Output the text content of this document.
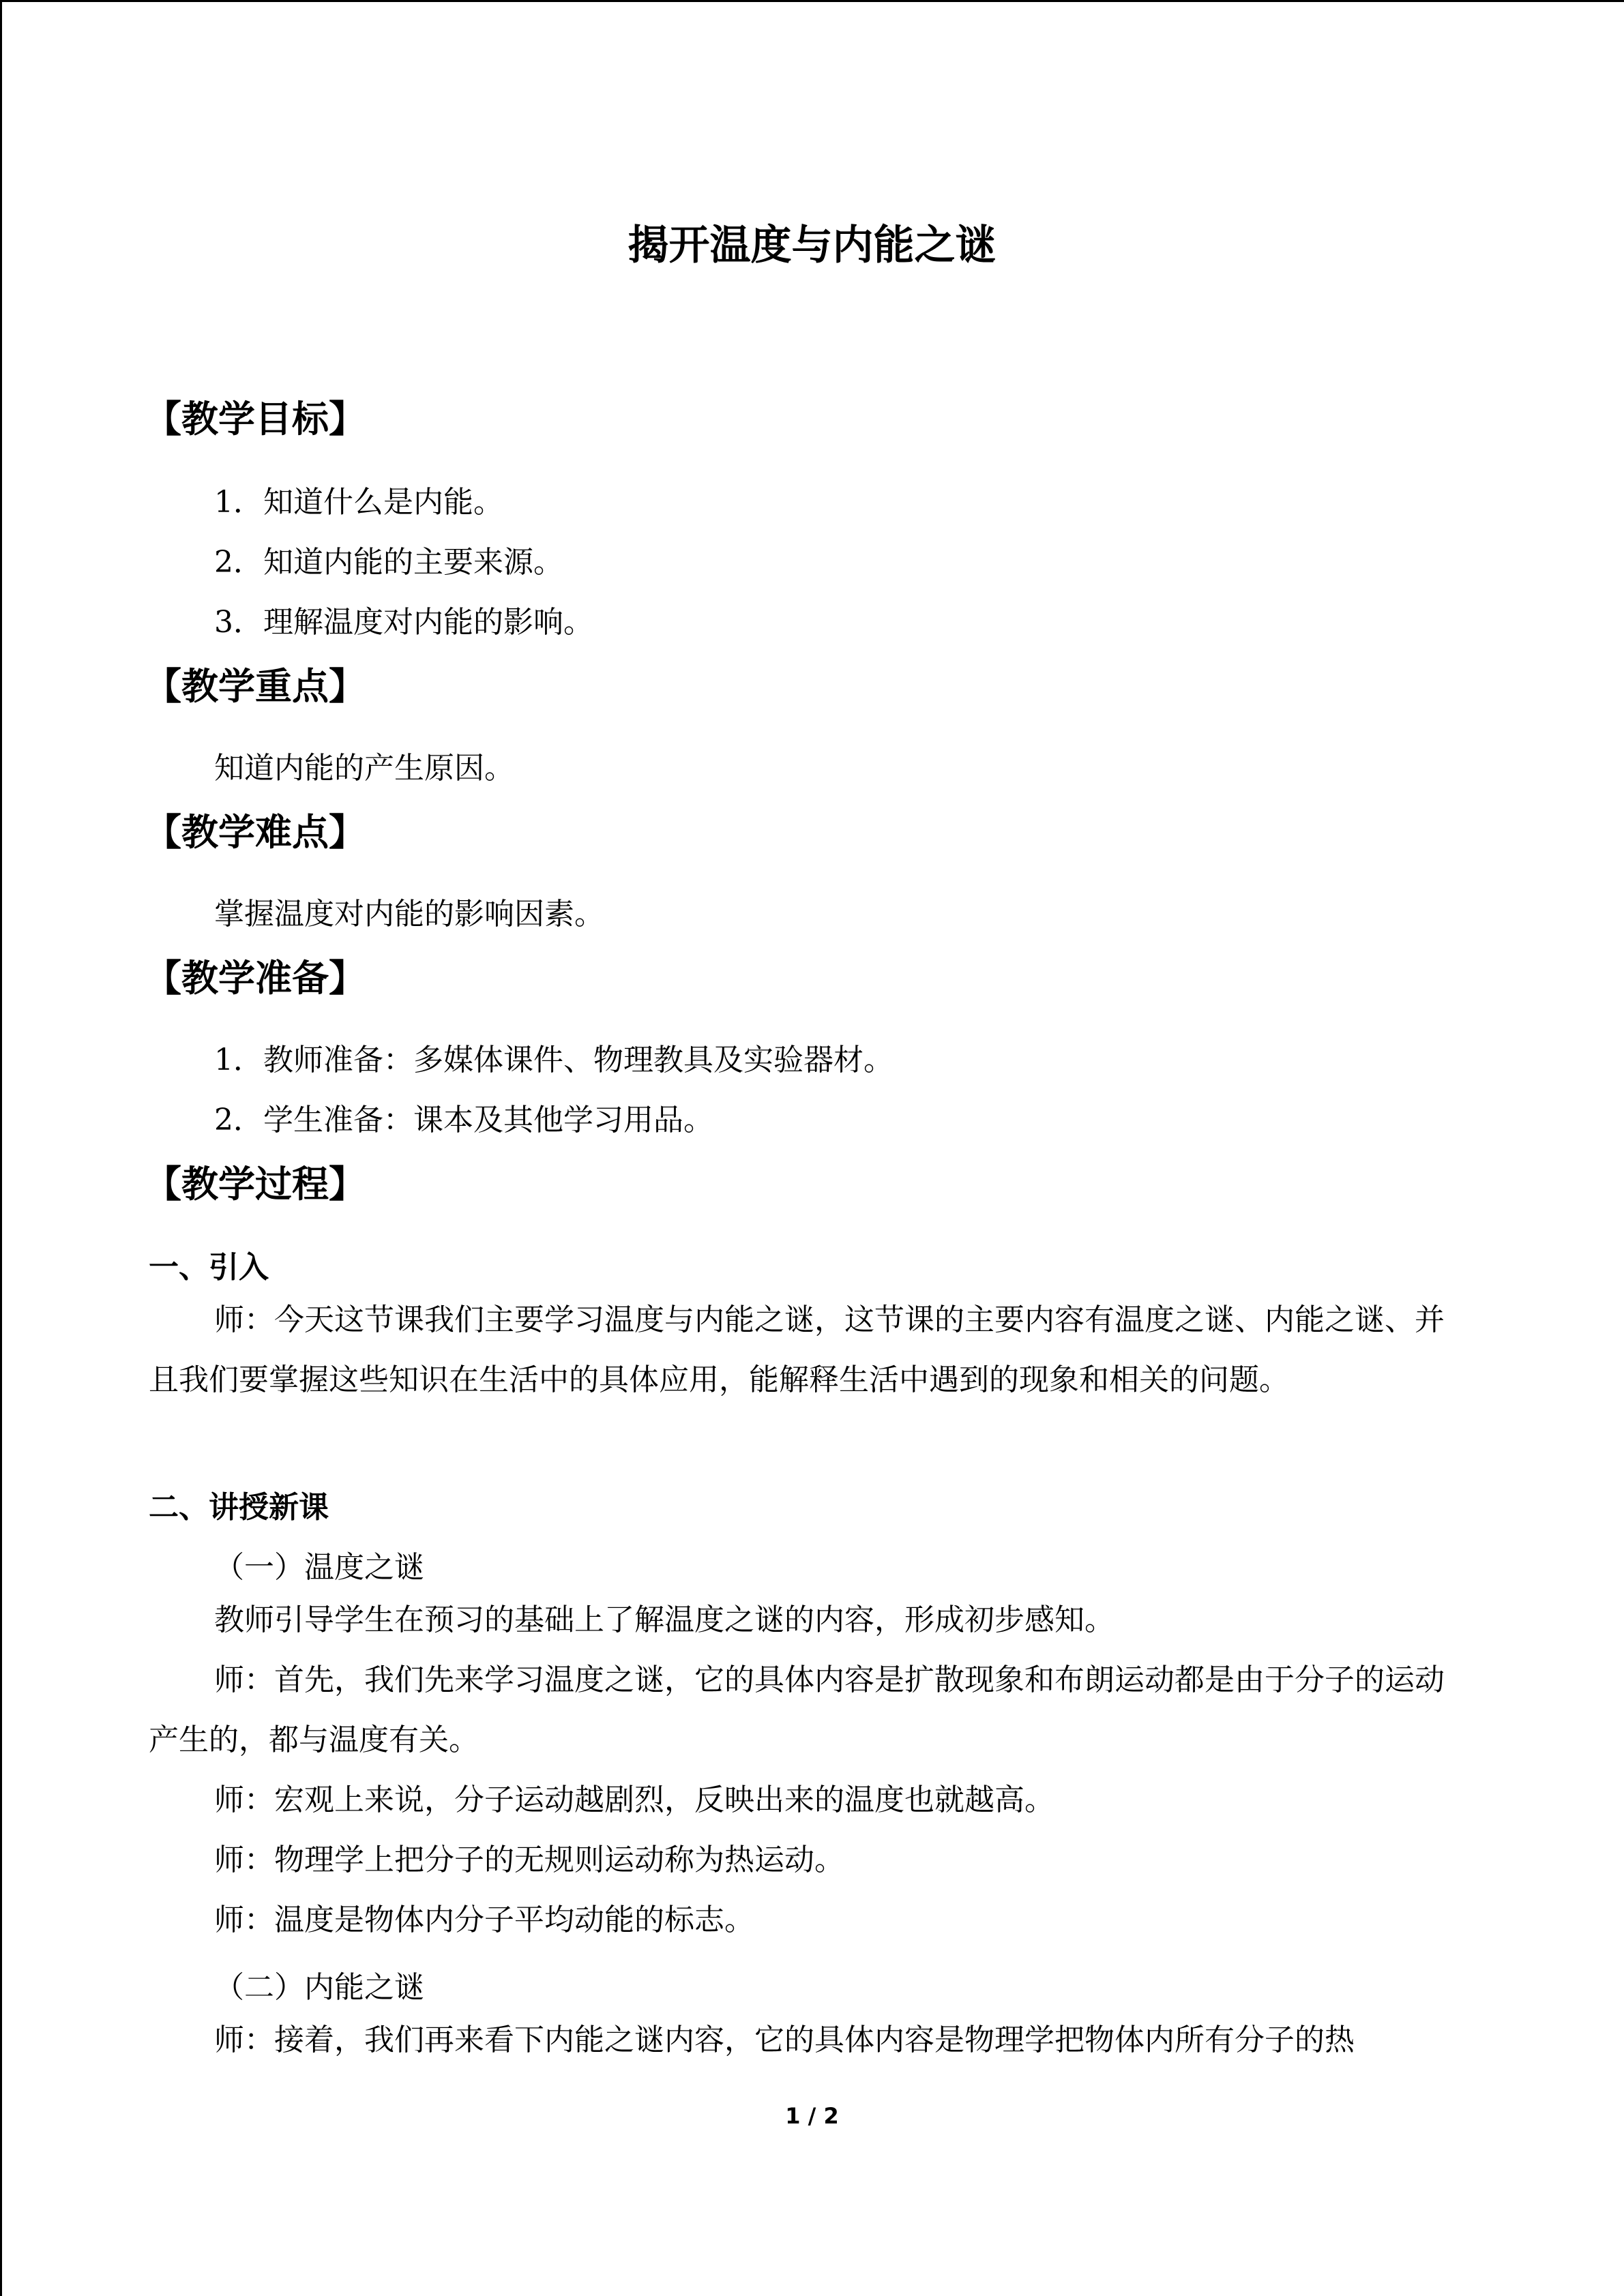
揭开温度与内能之谜
【教学目标】
1．知道什么是内能。
2．知道内能的主要来源。
3．理解温度对内能的影响。
【教学重点】
知道内能的产生原因。
【教学难点】
掌握温度对内能的影响因素。
【教学准备】
1．教师准备：多媒体课件、物理教具及实验器材。
2．学生准备：课本及其他学习用品。
【教学过程】
一、引入
师：今天这节课我们主要学习温度与内能之谜，这节课的主要内容有温度之谜、内能之谜、并且我们要掌握这些知识在生活中的具体应用，能解释生活中遇到的现象和相关的问题。
二、讲授新课
（一）温度之谜
教师引导学生在预习的基础上了解温度之谜的内容，形成初步感知。
师：首先，我们先来学习温度之谜，它的具体内容是扩散现象和布朗运动都是由于分子的运动产生的，都与温度有关。
师：宏观上来说，分子运动越剧烈，反映出来的温度也就越高。
师：物理学上把分子的无规则运动称为热运动。
师：温度是物体内分子平均动能的标志。
（二）内能之谜
师：接着，我们再来看下内能之谜内容，它的具体内容是物理学把物体内所有分子的热
1 / 2
